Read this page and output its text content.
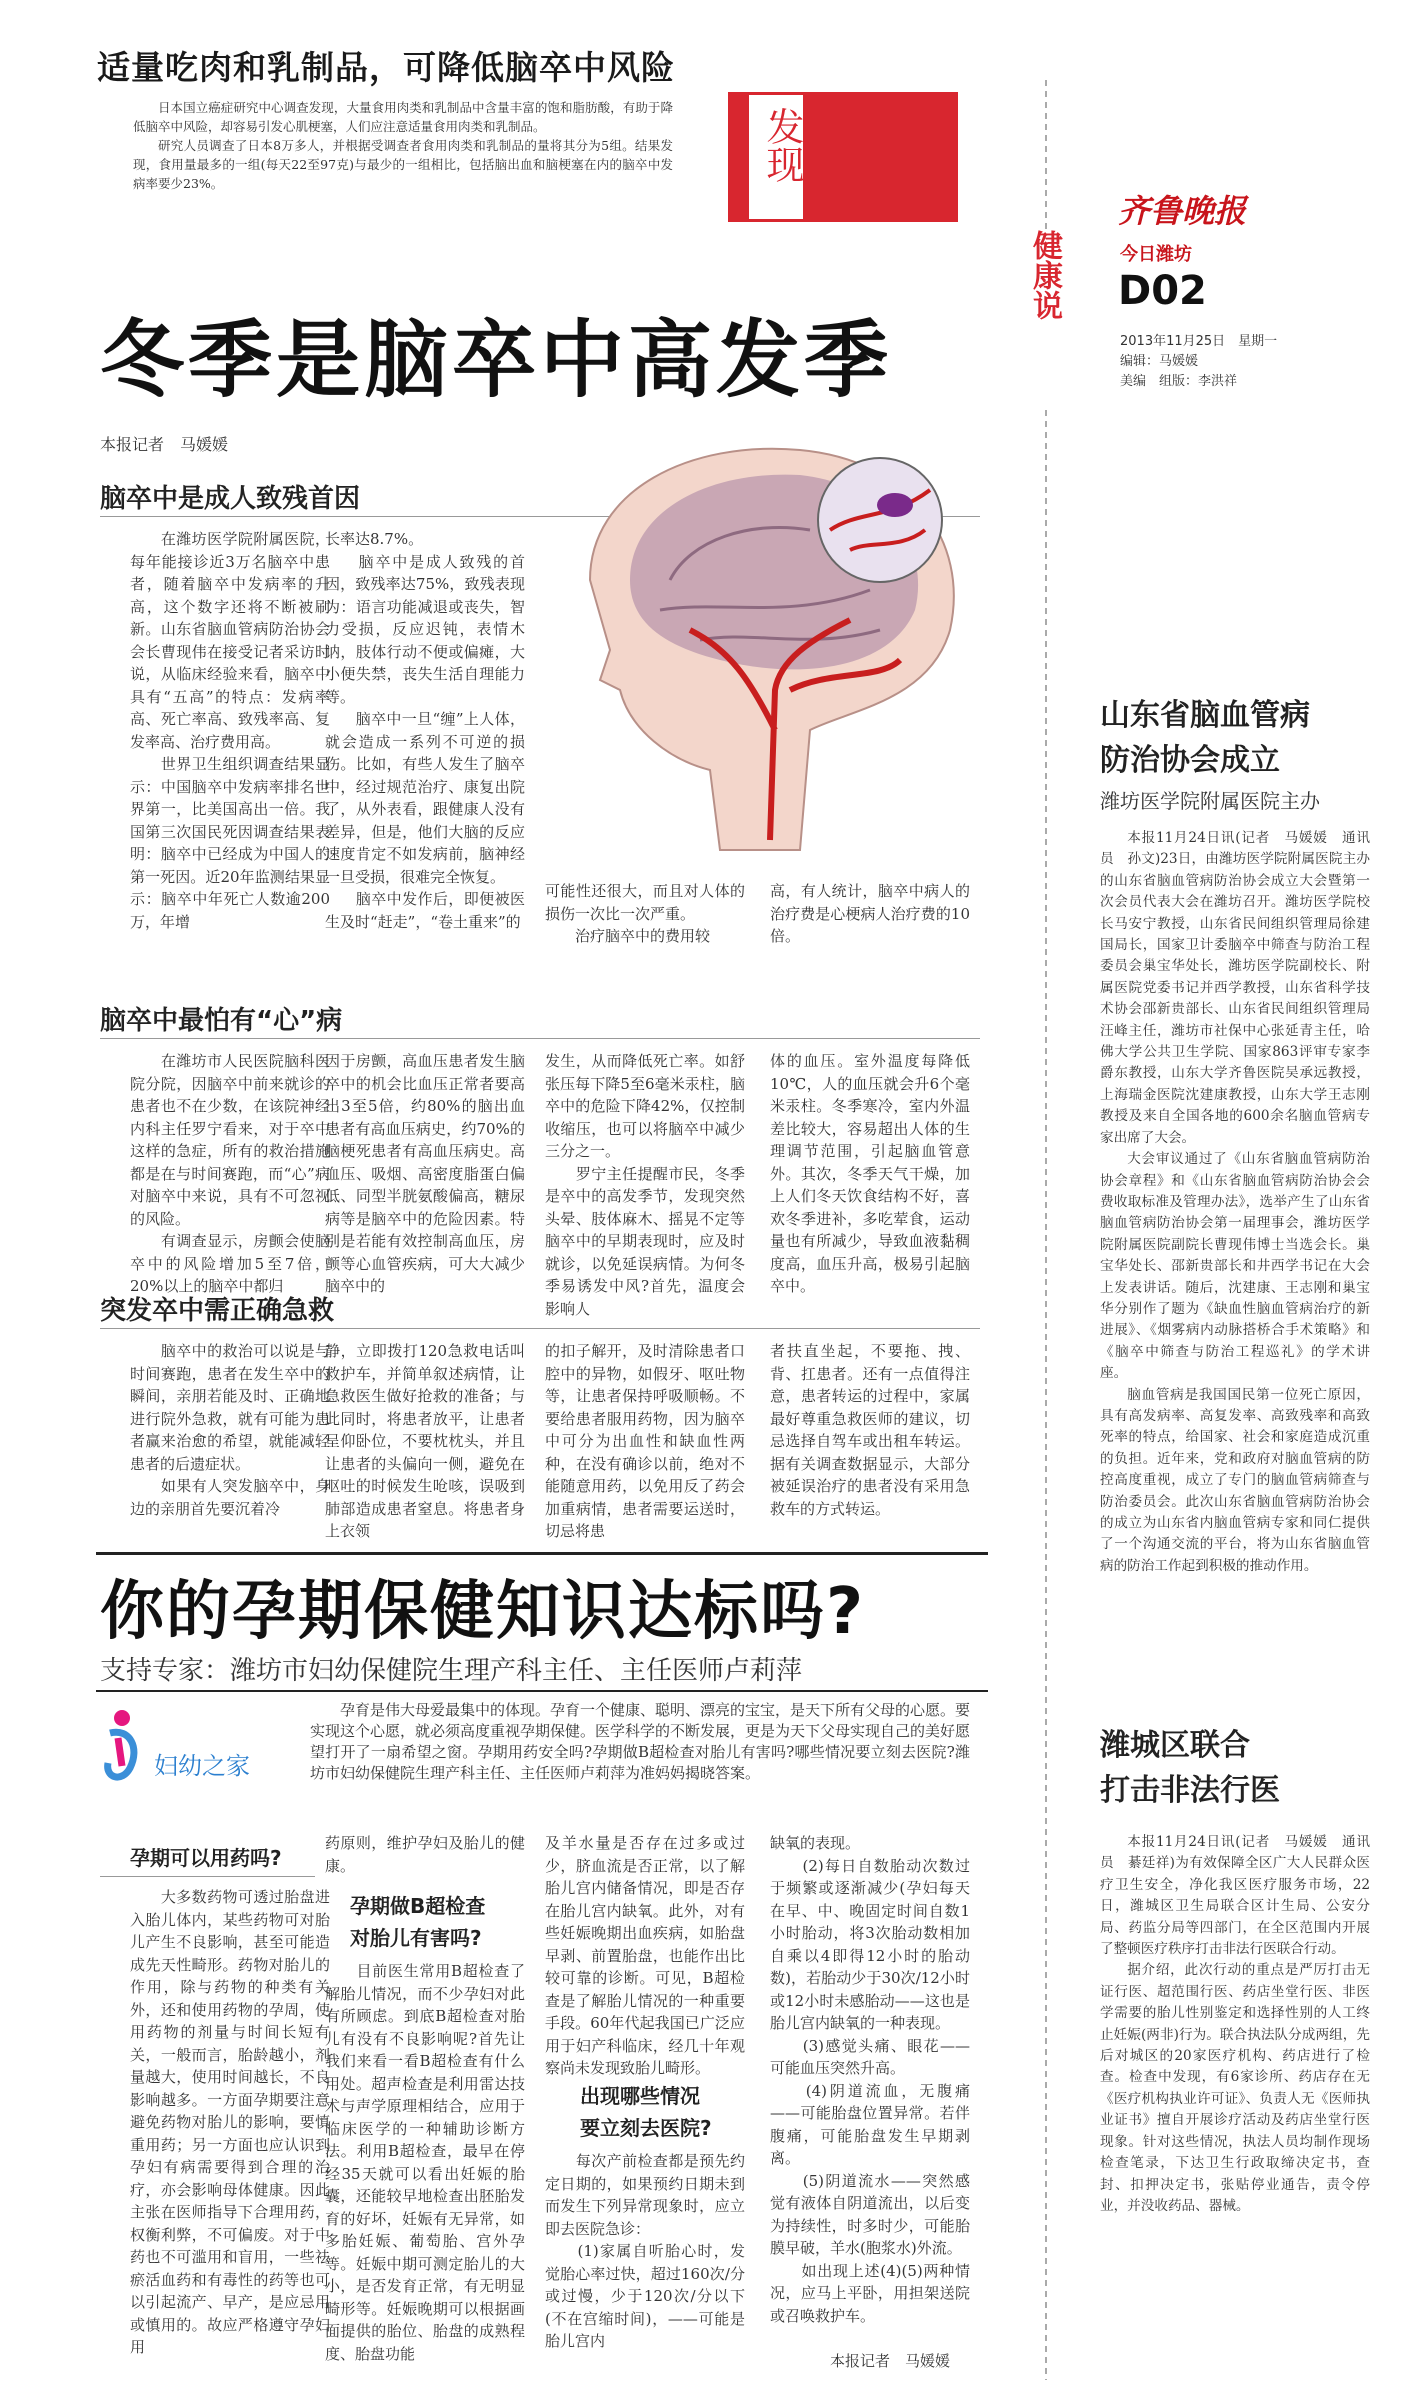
适量吃肉和乳制品，可降低脑卒中风险

日本国立癌症研究中心调查发现，大量食用肉类和乳制品中含量丰富的饱和脂肪酸，有助于降低脑卒中风险，却容易引发心肌梗塞，人们应注意适量食用肉类和乳制品。

研究人员调查了日本8万多人，并根据受调查者食用肉类和乳制品的量将其分为5组。结果发现，食用量最多的一组(每天22至97克)与最少的一组相比，包括脑出血和脑梗塞在内的脑卒中发病率要少23%。

发现
冬季是脑卒中高发季
本报记者　马媛媛
脑卒中是成人致残首因
　　在潍坊医学院附属医院，每年能接诊近3万名脑卒中患者，随着脑卒中发病率的升高，这个数字还将不断被刷新。山东省脑血管病防治协会会长曹现伟在接受记者采访时说，从临床经验来看，脑卒中具有“五高”的特点：发病率高、死亡率高、致残率高、复发率高、治疗费用高。
　　世界卫生组织调查结果显示：中国脑卒中发病率排名世界第一，比美国高出一倍。我国第三次国民死因调查结果表明：脑卒中已经成为中国人的第一死因。近20年监测结果显示：脑卒中年死亡人数逾200万，年增
长率达8.7%。
　　脑卒中是成人致残的首因，致残率达75%，致残表现为：语言功能减退或丧失，智力受损，反应迟钝，表情木讷，肢体行动不便或偏瘫，大小便失禁，丧失生活自理能力等。
　　脑卒中一旦“缠”上人体，就会造成一系列不可逆的损伤。比如，有些人发生了脑卒中，经过规范治疗、康复出院了，从外表看，跟健康人没有差异，但是，他们大脑的反应速度肯定不如发病前，脑神经一旦受损，很难完全恢复。
　　脑卒中发作后，即便被医生及时“赶走”，“卷土重来”的
可能性还很大，而且对人体的损伤一次比一次严重。
　　治疗脑卒中的费用较
高，有人统计，脑卒中病人的治疗费是心梗病人治疗费的10倍。
脑卒中最怕有“心”病
　　在潍坊市人民医院脑科医院分院，因脑卒中前来就诊的患者也不在少数，在该院神经内科主任罗宁看来，对于卒中这样的急症，所有的救治措施都是在与时间赛跑，而“心”病对脑卒中来说，具有不可忽视的风险。
　　有调查显示，房颤会使脑卒中的风险增加5至7倍，20%以上的脑卒中都归
因于房颤，高血压患者发生脑卒中的机会比血压正常者要高出3至5倍，约80%的脑出血患者有高血压病史，约70%的脑梗死患者有高血压病史。高血压、吸烟、高密度脂蛋白偏低、同型半胱氨酸偏高，糖尿病等是脑卒中的危险因素。特别是若能有效控制高血压，房颤等心血管疾病，可大大减少脑卒中的
发生，从而降低死亡率。如舒张压每下降5至6毫米汞柱，脑卒中的危险下降42%，仅控制收缩压，也可以将脑卒中减少三分之一。
　　罗宁主任提醒市民，冬季是卒中的高发季节，发现突然头晕、肢体麻木、摇晃不定等脑卒中的早期表现时，应及时就诊，以免延误病情。为何冬季易诱发中风?首先，温度会影响人
体的血压。室外温度每降低10℃，人的血压就会升6个毫米汞柱。冬季寒冷，室内外温差比较大，容易超出人体的生理调节范围，引起脑血管意外。其次，冬季天气干燥，加上人们冬天饮食结构不好，喜欢冬季进补，多吃荤食，运动量也有所减少，导致血液黏稠度高，血压升高，极易引起脑卒中。
突发卒中需正确急救
　　脑卒中的救治可以说是与时间赛跑，患者在发生卒中的瞬间，亲朋若能及时、正确地进行院外急救，就有可能为患者赢来治愈的希望，就能减轻患者的后遗症状。
　　如果有人突发脑卒中，身边的亲朋首先要沉着冷
静，立即拨打120急救电话叫救护车，并简单叙述病情，让急救医生做好抢救的准备；与此同时，将患者放平，让患者呈仰卧位，不要枕枕头，并且让患者的头偏向一侧，避免在呕吐的时候发生呛咳，误吸到肺部造成患者窒息。将患者身上衣领
的扣子解开，及时清除患者口腔中的异物，如假牙、呕吐物等，让患者保持呼吸顺畅。不要给患者服用药物，因为脑卒中可分为出血性和缺血性两种，在没有确诊以前，绝对不能随意用药，以免用反了药会加重病情，患者需要运送时，切忌将患
者扶直坐起，不要拖、拽、背、扛患者。还有一点值得注意，患者转运的过程中，家属最好尊重急救医师的建议，切忌选择自驾车或出租车转运。据有关调查数据显示，大部分被延误治疗的患者没有采用急救车的方式转运。
你的孕期保健知识达标吗?
支持专家：潍坊市妇幼保健院生理产科主任、主任医师卢莉萍
妇幼之家
孕育是伟大母爱最集中的体现。孕育一个健康、聪明、漂亮的宝宝，是天下所有父母的心愿。要实现这个心愿，就必须高度重视孕期保健。医学科学的不断发展，更是为天下父母实现自己的美好愿望打开了一扇希望之窗。孕期用药安全吗?孕期做B超检查对胎儿有害吗?哪些情况要立刻去医院?潍坊市妇幼保健院生理产科主任、主任医师卢莉萍为准妈妈揭晓答案。
孕期可以用药吗?
　　大多数药物可透过胎盘进入胎儿体内，某些药物可对胎儿产生不良影响，甚至可能造成先天性畸形。药物对胎儿的作用，除与药物的种类有关外，还和使用药物的孕周，使用药物的剂量与时间长短有关，一般而言，胎龄越小，剂量越大，使用时间越长，不良影响越多。一方面孕期要注意避免药物对胎儿的影响，要慎重用药；另一方面也应认识到孕妇有病需要得到合理的治疗，亦会影响母体健康。因此主张在医师指导下合理用药，权衡利弊，不可偏废。对于中药也不可滥用和盲用，一些祛瘀活血药和有毒性的药等也可以引起流产、早产，是应忌用或慎用的。故应严格遵守孕妇用
药原则，维护孕妇及胎儿的健康。
孕期做B超检查
对胎儿有害吗?
　　目前医生常用B超检查了解胎儿情况，而不少孕妇对此有所顾虑。到底B超检查对胎儿有没有不良影响呢?首先让我们来看一看B超检查有什么用处。超声检查是利用雷达技术与声学原理相结合，应用于临床医学的一种辅助诊断方法。利用B超检查，最早在停经35天就可以看出妊娠的胎囊，还能较早地检查出胚胎发育的好坏，妊娠有无异常，如多胎妊娠、葡萄胎、宫外孕等。妊娠中期可测定胎儿的大小，是否发育正常，有无明显畸形等。妊娠晚期可以根据画面提供的胎位、胎盘的成熟程度、胎盘功能
及羊水量是否存在过多或过少，脐血流是否正常，以了解胎儿宫内储备情况，即是否存在胎儿宫内缺氧。此外，对有些妊娠晚期出血疾病，如胎盘早剥、前置胎盘，也能作出比较可靠的诊断。可见，B超检查是了解胎儿情况的一种重要手段。60年代起我国已广泛应用于妇产科临床，经几十年观察尚未发现致胎儿畸形。
出现哪些情况
要立刻去医院?
　　每次产前检查都是预先约定日期的，如果预约日期未到而发生下列异常现象时，应立即去医院急诊：
　　(1)家属自听胎心时，发觉胎心率过快，超过160次/分或过慢，少于120次/分以下(不在宫缩时间)，——可能是胎儿宫内
缺氧的表现。
　　(2)每日自数胎动次数过于频繁或逐渐减少(孕妇每天在早、中、晚固定时间自数1小时胎动，将3次胎动数相加自乘以4即得12小时的胎动数)，若胎动少于30次/12小时或12小时未感胎动——这也是胎儿宫内缺氧的一种表现。
　　(3)感觉头痛、眼花——可能血压突然升高。
　　(4)阴道流血，无腹痛——可能胎盘位置异常。若伴腹痛，可能胎盘发生早期剥离。
　　(5)阴道流水——突然感觉有液体自阴道流出，以后变为持续性，时多时少，可能胎膜早破，羊水(胞浆水)外流。
　　如出现上述(4)(5)两种情况，应马上平卧，用担架送院或召唤救护车。
本报记者　马媛媛
健康说
齐鲁晚报
今日潍坊
D02
2013年11月25日　星期一
编辑：马媛媛
美编　组版：李洪祥
山东省脑血管病
防治协会成立
潍坊医学院附属医院主办

本报11月24日讯(记者　马媛媛　通讯员　孙文)23日，由潍坊医学院附属医院主办的山东省脑血管病防治协会成立大会暨第一次会员代表大会在潍坊召开。潍坊医学院校长马安宁教授，山东省民间组织管理局徐建国局长，国家卫计委脑卒中筛查与防治工程委员会巢宝华处长，潍坊医学院副校长、附属医院党委书记并西学教授，山东省科学技术协会邵新贵部长、山东省民间组织管理局汪峰主任，潍坊市社保中心张延青主任，哈佛大学公共卫生学院、国家863评审专家李爵东教授，山东大学齐鲁医院吴承远教授，上海瑞金医院沈建康教授，山东大学王志刚教授及来自全国各地的600余名脑血管病专家出席了大会。

大会审议通过了《山东省脑血管病防治协会章程》和《山东省脑血管病防治协会会费收取标准及管理办法》，选举产生了山东省脑血管病防治协会第一届理事会，潍坊医学院附属医院副院长曹现伟博士当选会长。巢宝华处长、邵新贵部长和井西学书记在大会上发表讲话。随后，沈建康、王志刚和巢宝华分别作了题为《缺血性脑血管病治疗的新进展》、《烟雾病内动脉搭桥合手术策略》和《脑卒中筛查与防治工程巡礼》的学术讲座。

脑血管病是我国国民第一位死亡原因，具有高发病率、高复发率、高致残率和高致死率的特点，给国家、社会和家庭造成沉重的负担。近年来，党和政府对脑血管病的防控高度重视，成立了专门的脑血管病筛查与防治委员会。此次山东省脑血管病防治协会的成立为山东省内脑血管病专家和同仁提供了一个沟通交流的平台，将为山东省脑血管病的防治工作起到积极的推动作用。

潍城区联合
打击非法行医

本报11月24日讯(记者　马媛媛　通讯员　綦廷祥)为有效保障全区广大人民群众医疗卫生安全，净化我区医疗服务市场，22日，潍城区卫生局联合区计生局、公安分局、药监分局等四部门，在全区范围内开展了整顿医疗秩序打击非法行医联合行动。

据介绍，此次行动的重点是严厉打击无证行医、超范围行医、药店坐堂行医、非医学需要的胎儿性别鉴定和选择性别的人工终止妊娠(两非)行为。联合执法队分成两组，先后对城区的20家医疗机构、药店进行了检查。检查中发现，有6家诊所、药店存在无《医疗机构执业许可证》、负责人无《医师执业证书》擅自开展诊疗活动及药店坐堂行医现象。针对这些情况，执法人员均制作现场检查笔录，下达卫生行政取缔决定书，查封、扣押决定书，张贴停业通告，责令停业，并没收药品、器械。
